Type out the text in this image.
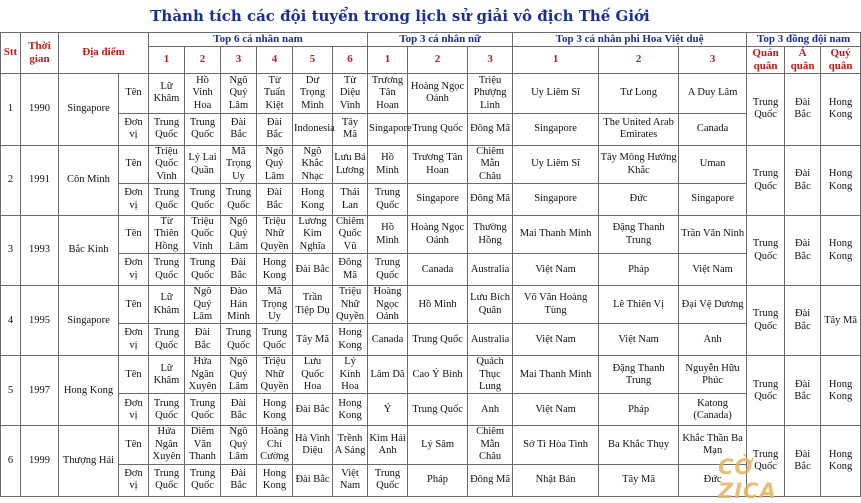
Thành tích các đội tuyển trong lịch sử giải vô địch Thế Giới
Stt	Thời gian	Địa điểm		Top 6 cá nhân nam						Top 3 cá nhân nữ			Top 3 cá nhân phi Hoa Việt duệ			Top 3 đồng đội nam		
				1	2	3	4	5	6	1	2	3	1	2	3	Quán quân	Á quân	Quý quân
1	1990	Singapore	Tên	Lữ Khâm	Hồ Vinh Hoa	Ngô Quý Lâm	Từ Tuấn Kiệt	Dư Trọng Minh	Từ Diệu Vinh	Trương Tân Hoan	Hoàng Ngọc Oánh	Triệu Phượng Linh	Uy Liêm Sĩ	Tư Long	A Duy Lâm	Trung Quốc	Đài Bắc	Hong Kong
			Đơn vị	Trung Quốc	Trung Quốc	Đài Bắc	Đài Bắc	Indonesia	Tây Mã	Singapore	Trung Quốc	Đông Mã	Singapore	The United Arab Emirates	Canada			
2	1991	Côn Minh	Tên	Triệu Quốc Vinh	Lý Lai Quần	Mã Trọng Uy	Ngô Quý Lâm	Ngô Khắc Nhạc	Lưu Bá Lương	Hồ Minh	Trương Tân Hoan	Chiêm Mẫn Châu	Uy Liêm Sĩ	Tây Mông Hướng Khắc	Uman	Trung Quốc	Đài Bắc	Hong Kong
			Đơn vị	Trung Quốc	Trung Quốc	Trung Quốc	Đài Bắc	Hong Kong	Thái Lan	Trung Quốc	Singapore	Đông Mã	Singapore	Đức	Singapore			
3	1993	Bắc Kinh	Tên	Từ Thiên Hồng	Triệu Quốc Vinh	Ngô Quý Lâm	Triệu Nhữ Quyền	Lương Kim Nghĩa	Chiêm Quốc Vũ	Hồ Minh	Hoàng Ngọc Oánh	Thường Hồng	Mai Thanh Minh	Đặng Thanh Trung	Trần Văn Ninh	Trung Quốc	Đài Bắc	Hong Kong
			Đơn vị	Trung Quốc	Trung Quốc	Đài Bắc	Hong Kong	Đài Bắc	Đông Mã	Trung Quốc	Canada	Australia	Việt Nam	Pháp	Việt Nam			
4	1995	Singapore	Tên	Lữ Khâm	Ngô Quý Lâm	Đào Hán Minh	Mã Trọng Uy	Trần Tiệp Dụ	Triệu Nhữ Quyền	Hoàng Ngọc Oánh	Hồ Minh	Lưu Bích Quân	Võ Văn Hoàng Tùng	Lê Thiên Vị	Đại Vệ Dương	Trung Quốc	Đài Bắc	Tây Mã
			Đơn vị	Trung Quốc	Đài Bắc	Trung Quốc	Trung Quốc	Tây Mã	Hong Kong	Canada	Trung Quốc	Australia	Việt Nam	Việt Nam	Anh			
5	1997	Hong Kong	Tên	Lữ Khâm	Hứa Ngân Xuyên	Ngô Quý Lâm	Triệu Nhữ Quyền	Lưu Quốc Hoa	Lý Kính Hoa	Lâm Dã	Cao Ý Bình	Quách Thục Lung	Mai Thanh Minh	Đặng Thanh Trung	Nguyễn Hữu Phúc	Trung Quốc	Đài Bắc	Hong Kong
			Đơn vị	Trung Quốc	Trung Quốc	Đài Bắc	Hong Kong	Đài Bắc	Hong Kong	Ý	Trung Quốc	Anh	Việt Nam	Pháp	Katong (Canada)			
6	1999	Thượng Hải	Tên	Hứa Ngân Xuyên	Diêm Văn Thanh	Ngô Quý Lâm	Hoàng Chí Cường	Hà Vinh Diệu	Trềnh A Sáng	Kim Hải Anh	Lý Sâm	Chiêm Mẫn Châu	Sở Ti Hòa Tinh	Ba Khắc Thụy	Khắc Thần Ba Mạn	Trung Quốc	Đài Bắc	Hong Kong
			Đơn vị	Trung Quốc	Trung Quốc	Đài Bắc	Hong Kong	Đài Bắc	Việt Nam	Trung Quốc	Pháp	Đông Mã	Nhật Bản	Tây Mã	Đức			
CỜ ZICA
